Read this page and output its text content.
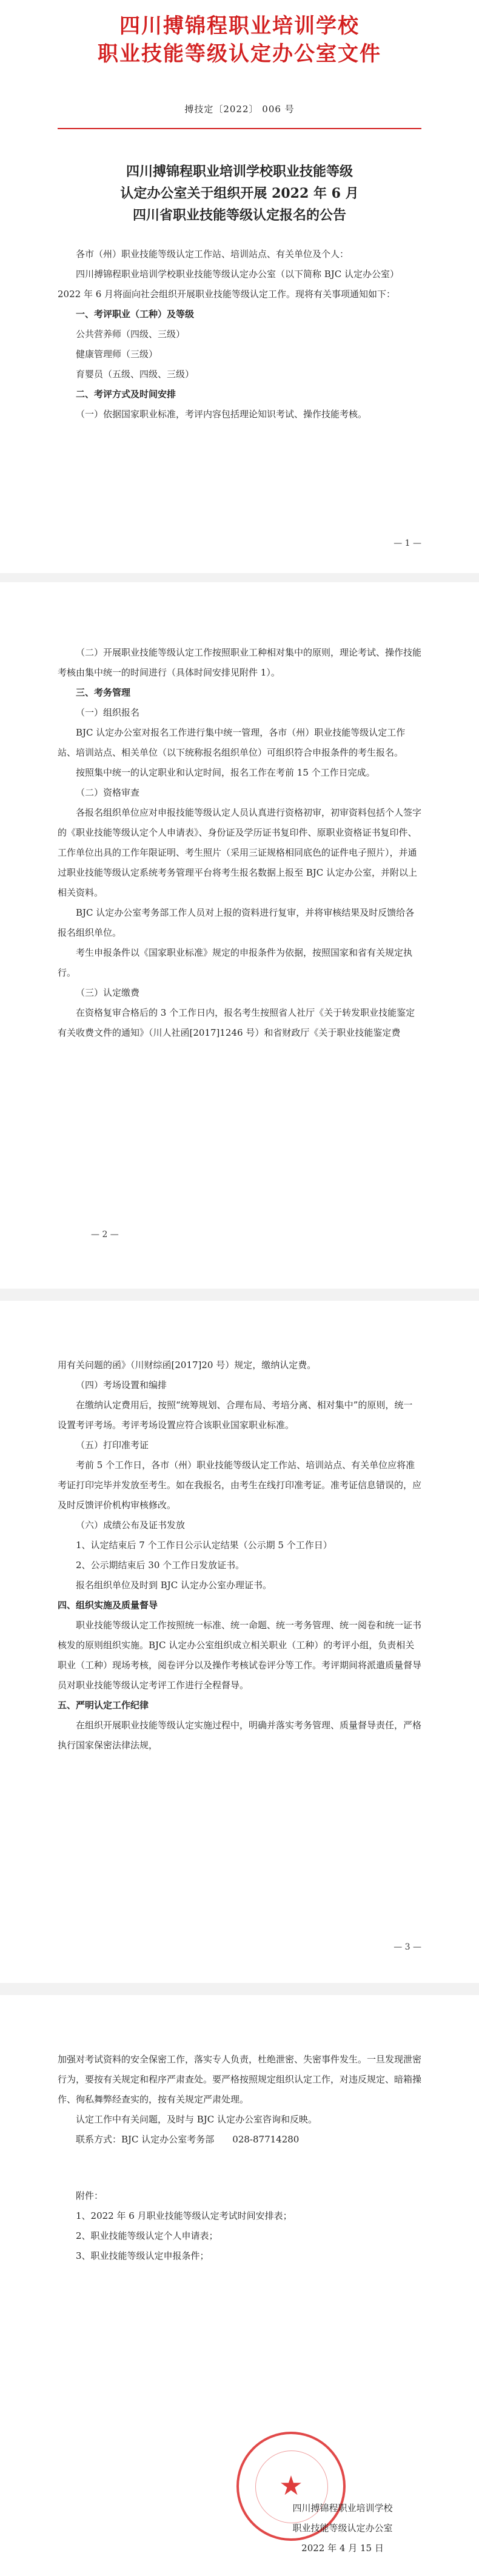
四川搏锦程职业培训学校
职业技能等级认定办公室文件
搏技定〔2022〕 006 号
四川搏锦程职业培训学校职业技能等级
认定办公室关于组织开展 2022 年 6 月
四川省职业技能等级认定报名的公告

各市（州）职业技能等级认定工作站、培训站点、有关单位及个人：

四川搏锦程职业培训学校职业技能等级认定办公室（以下简称 BJC 认定办公室）2022 年 6 月将面向社会组织开展职业技能等级认定工作。现将有关事项通知如下：

一、考评职业（工种）及等级

公共营养师（四级、三级）

健康管理师（三级）

育婴员（五级、四级、三级）

二、考评方式及时间安排

（一）依据国家职业标准，考评内容包括理论知识考试、操作技能考核。

— 1 —

（二）开展职业技能等级认定工作按照职业工种相对集中的原则，理论考试、操作技能考核由集中统一的时间进行（具体时间安排见附件 1）。

三、考务管理

（一）组织报名

BJC 认定办公室对报名工作进行集中统一管理，各市（州）职业技能等级认定工作站、培训站点、相关单位（以下统称报名组织单位）可组织符合申报条件的考生报名。

按照集中统一的认定职业和认定时间，报名工作在考前 15 个工作日完成。

（二）资格审查

各报名组织单位应对申报技能等级认定人员认真进行资格初审，初审资料包括个人签字的《职业技能等级认定个人申请表》、身份证及学历证书复印件、原职业资格证书复印件、工作单位出具的工作年限证明、考生照片（采用三证规格相同底色的证件电子照片），并通过职业技能等级认定系统考务管理平台将考生报名数据上报至 BJC 认定办公室，并附以上相关资料。

BJC 认定办公室考务部工作人员对上报的资料进行复审，并将审核结果及时反馈给各报名组织单位。

考生申报条件以《国家职业标准》规定的申报条件为依据，按照国家和省有关规定执行。

（三）认定缴费

在资格复审合格后的 3 个工作日内，报名考生按照省人社厅《关于转发职业技能鉴定有关收费文件的通知》（川人社函[2017]1246 号）和省财政厅《关于职业技能鉴定费

— 2 —

用有关问题的函》（川财综函[2017]20 号）规定，缴纳认定费。

（四）考场设置和编排

在缴纳认定费用后，按照“统筹规划、合理布局、考培分离、相对集中”的原则，统一设置考评考场。考评考场设置应符合该职业国家职业标准。

（五）打印准考证

考前 5 个工作日，各市（州）职业技能等级认定工作站、培训站点、有关单位应将准考证打印完毕并发放至考生。如在我报名，由考生在线打印准考证。准考证信息错误的，应及时反馈评价机构审核修改。

（六）成绩公布及证书发放

1、认定结束后 7 个工作日公示认定结果（公示期 5 个工作日）

2、公示期结束后 30 个工作日发放证书。

报名组织单位及时到 BJC 认定办公室办理证书。

四、组织实施及质量督导

职业技能等级认定工作按照统一标准、统一命题、统一考务管理、统一阅卷和统一证书核发的原则组织实施。BJC 认定办公室组织成立相关职业（工种）的考评小组，负责相关职业（工种）现场考核，阅卷评分以及操作考核试卷评分等工作。考评期间将派遣质量督导员对职业技能等级认定考评工作进行全程督导。

五、严明认定工作纪律

在组织开展职业技能等级认定实施过程中，明确并落实考务管理、质量督导责任，严格执行国家保密法律法规，

— 3 —

加强对考试资料的安全保密工作，落实专人负责，杜绝泄密、失密事件发生。一旦发现泄密行为，要按有关规定和程序严肃查处。要严格按照规定组织认定工作，对违反规定、暗箱操作、徇私舞弊经查实的，按有关规定严肃处理。

认定工作中有关问题，及时与 BJC 认定办公室咨询和反映。

联系方式：BJC 认定办公室考务部　　028-87714280

附件：

1、2022 年 6 月职业技能等级认定考试时间安排表；

2、职业技能等级认定个人申请表；

3、职业技能等级认定申报条件；

★
四川搏锦程职业培训学校
职业技能等级认定办公室
2022 年 4 月 15 日
